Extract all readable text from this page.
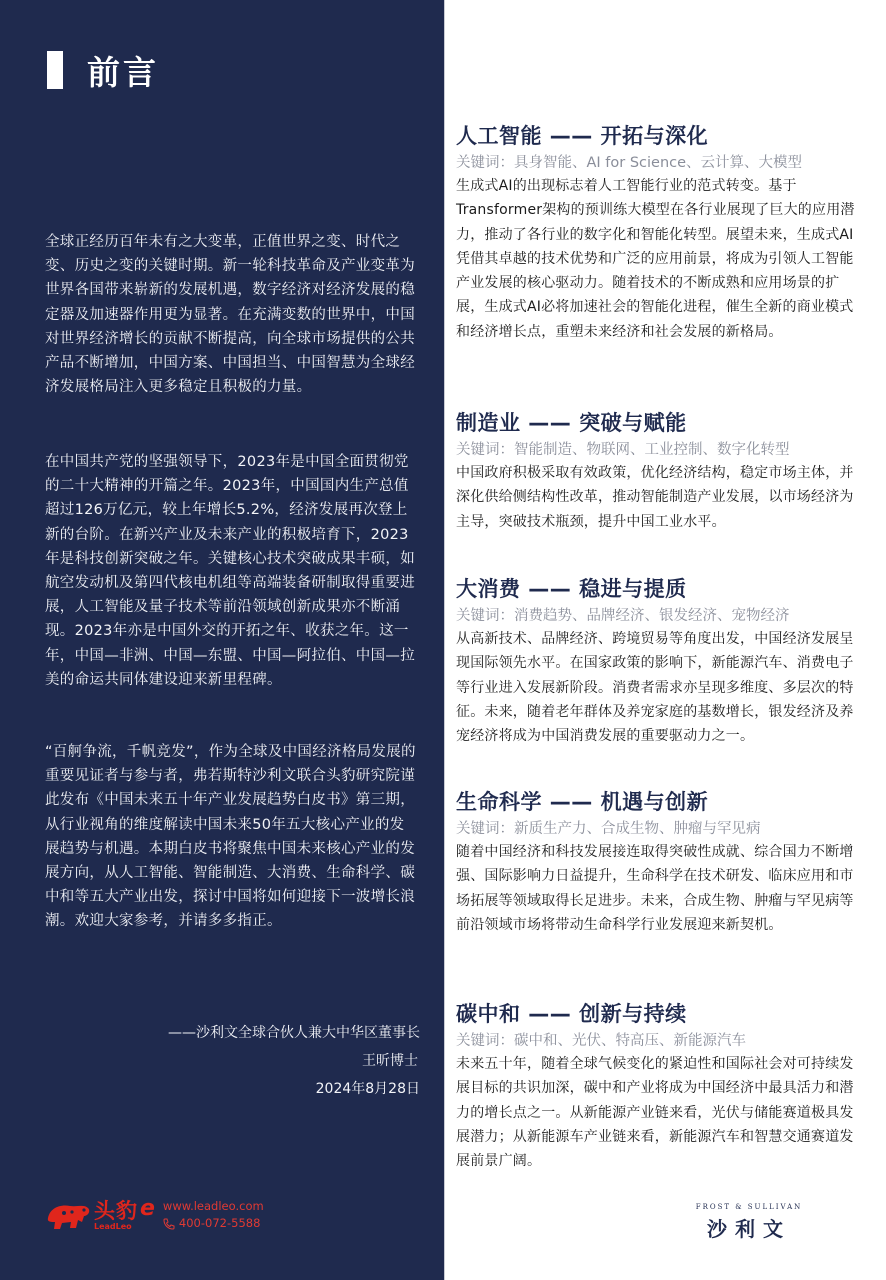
前言

全球正经历百年未有之大变革，正值世界之变、时代之变、历史之变的关键时期。新一轮科技革命及产业变革为世界各国带来崭新的发展机遇，数字经济对经济发展的稳定器及加速器作用更为显著。在充满变数的世界中，中国对世界经济增长的贡献不断提高，向全球市场提供的公共产品不断增加，中国方案、中国担当、中国智慧为全球经济发展格局注入更多稳定且积极的力量。

在中国共产党的坚强领导下，2023年是中国全面贯彻党的二十大精神的开篇之年。2023年，中国国内生产总值超过126万亿元，较上年增长5.2%，经济发展再次登上新的台阶。在新兴产业及未来产业的积极培育下，2023年是科技创新突破之年。关键核心技术突破成果丰硕，如航空发动机及第四代核电机组等高端装备研制取得重要进展，人工智能及量子技术等前沿领域创新成果亦不断涌现。2023年亦是中国外交的开拓之年、收获之年。这一年，中国—非洲、中国—东盟、中国—阿拉伯、中国—拉美的命运共同体建设迎来新里程碑。

“百舸争流，千帆竞发”，作为全球及中国经济格局发展的重要见证者与参与者，弗若斯特沙利文联合头豹研究院谨此发布《中国未来五十年产业发展趋势白皮书》第三期，从行业视角的维度解读中国未来50年五大核心产业的发展趋势与机遇。本期白皮书将聚焦中国未来核心产业的发展方向，从人工智能、智能制造、大消费、生命科学、碳中和等五大产业出发，探讨中国将如何迎接下一波增长浪潮。欢迎大家参考，并请多多指正。

——沙利文全球合伙人兼大中华区董事长
王昕博士
2024年8月28日
头豹
LeadLeo
e www.leadleo.com
400-072-5588
人工智能 —— 开拓与深化
关键词：具身智能、AI for Science、云计算、大模型

生成式AI的出现标志着人工智能行业的范式转变。基于Transformer架构的预训练大模型在各行业展现了巨大的应用潜力，推动了各行业的数字化和智能化转型。展望未来，生成式AI凭借其卓越的技术优势和广泛的应用前景，将成为引领人工智能产业发展的核心驱动力。随着技术的不断成熟和应用场景的扩展，生成式AI必将加速社会的智能化进程，催生全新的商业模式和经济增长点，重塑未来经济和社会发展的新格局。

制造业 —— 突破与赋能
关键词：智能制造、物联网、工业控制、数字化转型

中国政府积极采取有效政策，优化经济结构，稳定市场主体，并深化供给侧结构性改革，推动智能制造产业发展，以市场经济为主导，突破技术瓶颈，提升中国工业水平。

大消费 —— 稳进与提质
关键词：消费趋势、品牌经济、银发经济、宠物经济

从高新技术、品牌经济、跨境贸易等角度出发，中国经济发展呈现国际领先水平。在国家政策的影响下，新能源汽车、消费电子等行业进入发展新阶段。消费者需求亦呈现多维度、多层次的特征。未来，随着老年群体及养宠家庭的基数增长，银发经济及养宠经济将成为中国消费发展的重要驱动力之一。

生命科学 —— 机遇与创新
关键词：新质生产力、合成生物、肿瘤与罕见病

随着中国经济和科技发展接连取得突破性成就、综合国力不断增强、国际影响力日益提升，生命科学在技术研发、临床应用和市场拓展等领域取得长足进步。未来，合成生物、肿瘤与罕见病等前沿领域市场将带动生命科学行业发展迎来新契机。

碳中和 —— 创新与持续
关键词：碳中和、光伏、特高压、新能源汽车

未来五十年，随着全球气候变化的紧迫性和国际社会对可持续发展目标的共识加深，碳中和产业将成为中国经济中最具活力和潜力的增长点之一。从新能源产业链来看，光伏与储能赛道极具发展潜力；从新能源车产业链来看，新能源汽车和智慧交通赛道发展前景广阔。

FROST & SULLIVAN
沙利文
